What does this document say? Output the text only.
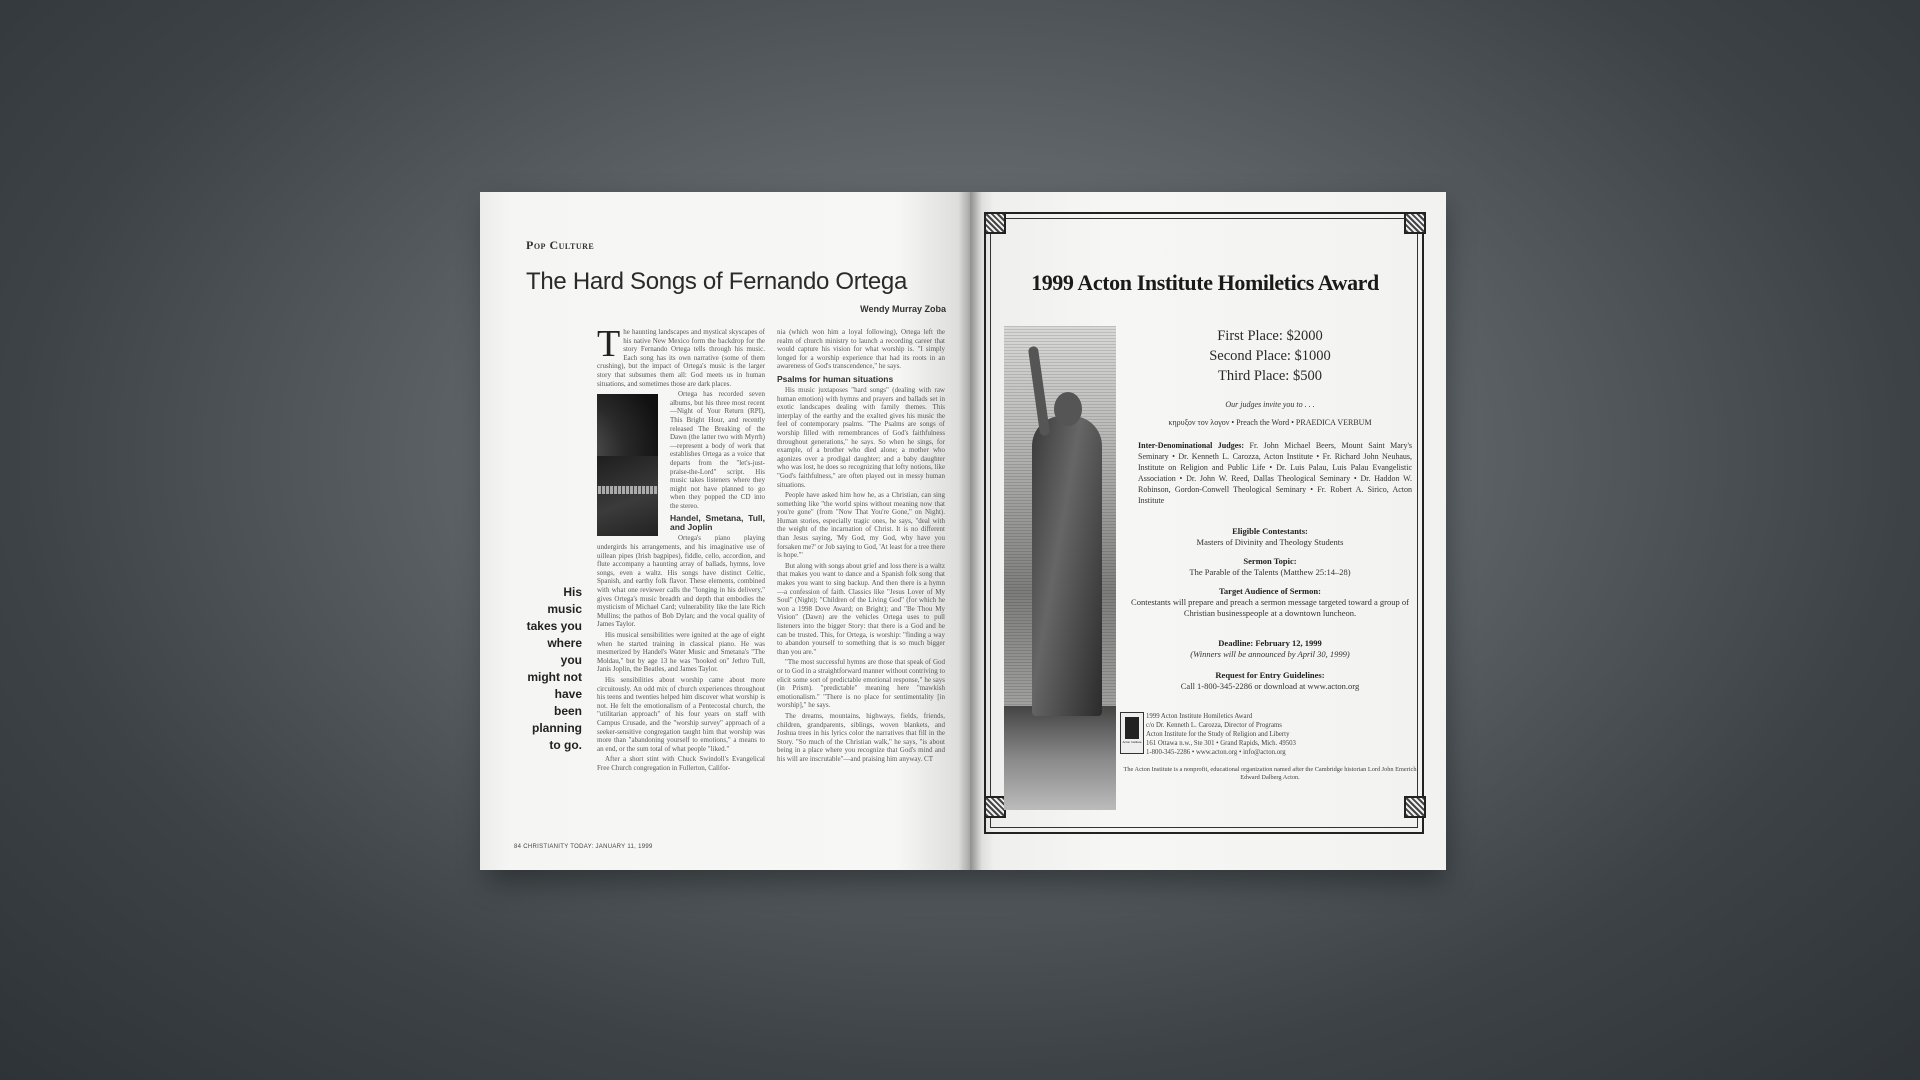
Pop Culture
The Hard Songs of Fernando Ortega
Wendy Murray Zoba

The haunting landscapes and mystical skyscapes of his native New Mexico form the backdrop for the story Fernando Ortega tells through his music. Each song has its own narrative (some of them crushing), but the impact of Ortega's music is the larger story that subsumes them all: God meets us in human situations, and sometimes those are dark places.

Ortega has recorded seven albums, but his three most recent—Night of Your Return (RPI), This Bright Hour, and recently released The Breaking of the Dawn (the latter two with Myrrh)—represent a body of work that establishes Ortega as a voice that departs from the "let's-just-praise-the-Lord" script. His music takes listeners where they might not have planned to go when they popped the CD into the stereo.

Handel, Smetana, Tull, and Joplin

Ortega's piano playing undergirds his arrangements, and his imaginative use of uillean pipes (Irish bagpipes), fiddle, cello, accordion, and flute accompany a haunting array of ballads, hymns, love songs, even a waltz. His songs have distinct Celtic, Spanish, and earthy folk flavor. These elements, combined with what one reviewer calls the "longing in his delivery," gives Ortega's music breadth and depth that embodies the mysticism of Michael Card; vulnerability like the late Rich Mullins; the pathos of Bob Dylan; and the vocal quality of James Taylor.

His musical sensibilities were ignited at the age of eight when he started training in classical piano. He was mesmerized by Handel's Water Music and Smetana's "The Moldau," but by age 13 he was "hooked on" Jethro Tull, Janis Joplin, the Beatles, and James Taylor.

His sensibilities about worship came about more circuitously. An odd mix of church experiences throughout his teens and twenties helped him discover what worship is not. He felt the emotionalism of a Pentecostal church, the "utilitarian approach" of his four years on staff with Campus Crusade, and the "worship survey" approach of a seeker-sensitive congregation taught him that worship was more than "abandoning yourself to emotions," a means to an end, or the sum total of what people "liked."

After a short stint with Chuck Swindoll's Evangelical Free Church congregation in Fullerton, Califor-

nia (which won him a loyal following), Ortega left the realm of church ministry to launch a recording career that would capture his vision for what worship is. "I simply longed for a worship experience that had its roots in an awareness of God's transcendence," he says.

Psalms for human situations

His music juxtaposes "hard songs" (dealing with raw human emotion) with hymns and prayers and ballads set in exotic landscapes dealing with family themes. This interplay of the earthy and the exalted gives his music the feel of contemporary psalms. "The Psalms are songs of worship filled with remembrances of God's faithfulness throughout generations," he says. So when he sings, for example, of a brother who died alone; a mother who agonizes over a prodigal daughter; and a baby daughter who was lost, he does so recognizing that lofty notions, like "God's faithfulness," are often played out in messy human situations.

People have asked him how he, as a Christian, can sing something like "the world spins without meaning now that you're gone" (from "Now That You're Gone," on Night). Human stories, especially tragic ones, he says, "deal with the weight of the incarnation of Christ. It is no different than Jesus saying, 'My God, my God, why have you forsaken me?' or Job saying to God, 'At least for a tree there is hope.'"

But along with songs about grief and loss there is a waltz that makes you want to dance and a Spanish folk song that makes you want to sing backup. And then there is a hymn—a confession of faith. Classics like "Jesus Lover of My Soul" (Night); "Children of the Living God" (for which he won a 1998 Dove Award; on Bright); and "Be Thou My Vision" (Dawn) are the vehicles Ortega uses to pull listeners into the bigger Story: that there is a God and he can be trusted. This, for Ortega, is worship: "finding a way to abandon yourself to something that is so much bigger than you are."

"The most successful hymns are those that speak of God or to God in a straightforward manner without contriving to elicit some sort of predictable emotional response," he says (in Prism). "predictable" meaning here "mawkish emotionalism." "There is no place for sentimentality [in worship]," he says.

The dreams, mountains, highways, fields, friends, children, grandparents, siblings, woven blankets, and Joshua trees in his lyrics color the narratives that fill in the Story. "So much of the Christian walk," he says, "is about being in a place where you recognize that God's mind and his will are inscrutable"—and praising him anyway. CT

His music takes you where you might not have been planning to go.
84 CHRISTIANITY TODAY: JANUARY 11, 1999
1999 Acton Institute Homiletics Award
First Place: $2000
Second Place: $1000
Third Place: $500
Our judges invite you to . . .
κηρυξον τον λογον • Preach the Word • PRAEDICA VERBUM
Inter-Denominational Judges: Fr. John Michael Beers, Mount Saint Mary's Seminary • Dr. Kenneth L. Carozza, Acton Institute • Fr. Richard John Neuhaus, Institute on Religion and Public Life • Dr. Luis Palau, Luis Palau Evangelistic Association • Dr. John W. Reed, Dallas Theological Seminary • Dr. Haddon W. Robinson, Gordon-Conwell Theological Seminary • Fr. Robert A. Sirico, Acton Institute
Eligible Contestants:
Masters of Divinity and Theology Students
Sermon Topic:
The Parable of the Talents (Matthew 25:14–28)
Target Audience of Sermon:
Contestants will prepare and preach a sermon message targeted toward a group of Christian businesspeople at a downtown luncheon.
Deadline: February 12, 1999
(Winners will be announced by April 30, 1999)
Request for Entry Guidelines:
Call 1-800-345-2286 or download at www.acton.org
Acton Institute
1999 Acton Institute Homiletics Award
c/o Dr. Kenneth L. Carozza, Director of Programs
Acton Institute for the Study of Religion and Liberty
161 Ottawa n.w., Ste 301 • Grand Rapids, Mich. 49503
1-800-345-2286 • www.acton.org • info@acton.org
The Acton Institute is a nonprofit, educational organization named after the Cambridge historian Lord John Emerich Edward Dalberg Acton.
